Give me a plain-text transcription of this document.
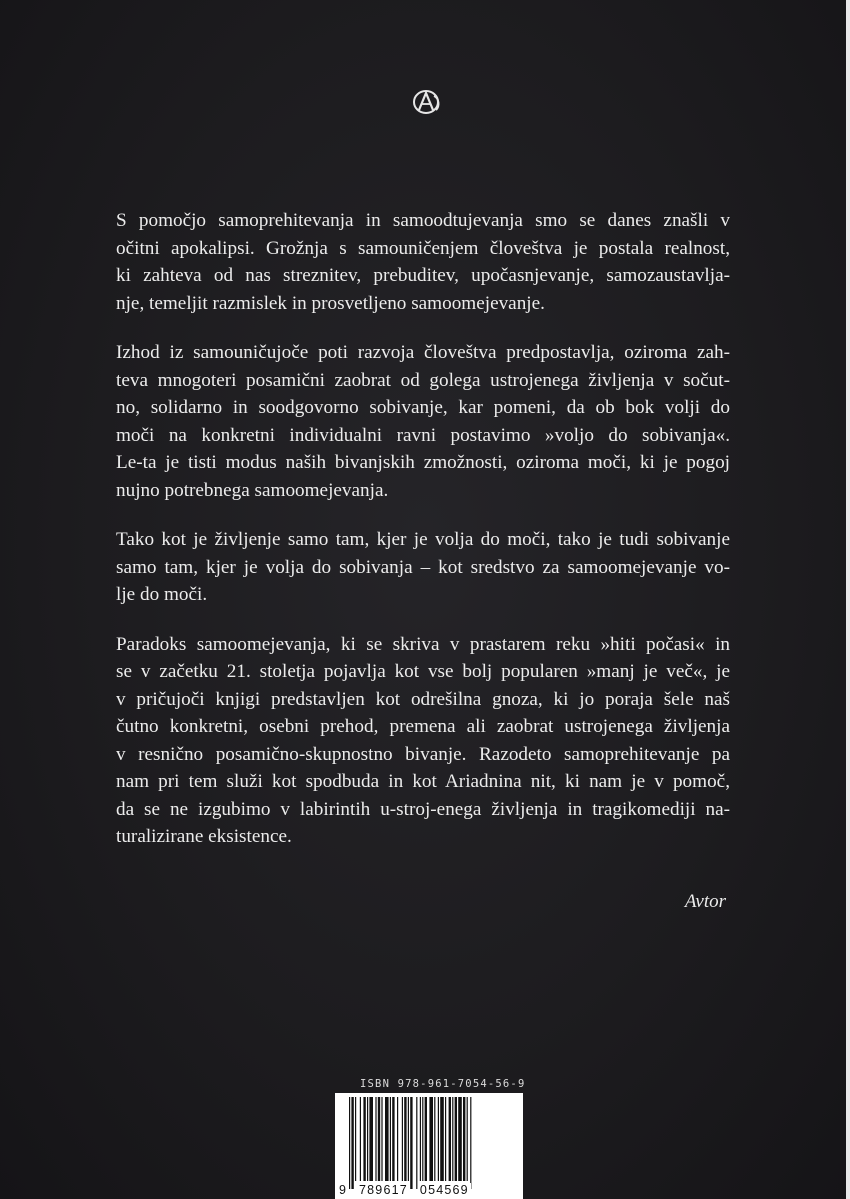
S pomočjo samoprehitevanja in samoodtujevanja smo se danes znašli v
očitni apokalipsi. Grožnja s samouničenjem človeštva je postala realnost,
ki zahteva od nas streznitev, prebuditev, upočasnjevanje, samozaustavlja-
nje, temeljit razmislek in prosvetljeno samoomejevanje.

Izhod iz samouničujoče poti razvoja človeštva predpostavlja, oziroma zah-
teva mnogoteri posamični zaobrat od golega ustrojenega življenja v sočut-
no, solidarno in soodgovorno sobivanje, kar pomeni, da ob bok volji do
moči na konkretni individualni ravni postavimo »voljo do sobivanja«.
Le-ta je tisti modus naših bivanjskih zmožnosti, oziroma moči, ki je pogoj
nujno potrebnega samoomejevanja.

Tako kot je življenje samo tam, kjer je volja do moči, tako je tudi sobivanje
samo tam, kjer je volja do sobivanja – kot sredstvo za samoomejevanje vo-
lje do moči.

Paradoks samoomejevanja, ki se skriva v prastarem reku »hiti počasi« in
se v začetku 21. stoletja pojavlja kot vse bolj popularen »manj je več«, je
v pričujoči knjigi predstavljen kot odrešilna gnoza, ki jo poraja šele naš
čutno konkretni, osebni prehod, premena ali zaobrat ustrojenega življenja
v resnično posamično-skupnostno bivanje. Razodeto samoprehitevanje pa
nam pri tem služi kot spodbuda in kot Ariadnina nit, ki nam je v pomoč,
da se ne izgubimo v labirintih u-stroj-enega življenja in tragikomediji na-
turalizirane eksistence.

Avtor
ISBN 978-961-7054-56-9
9 789617 054569
